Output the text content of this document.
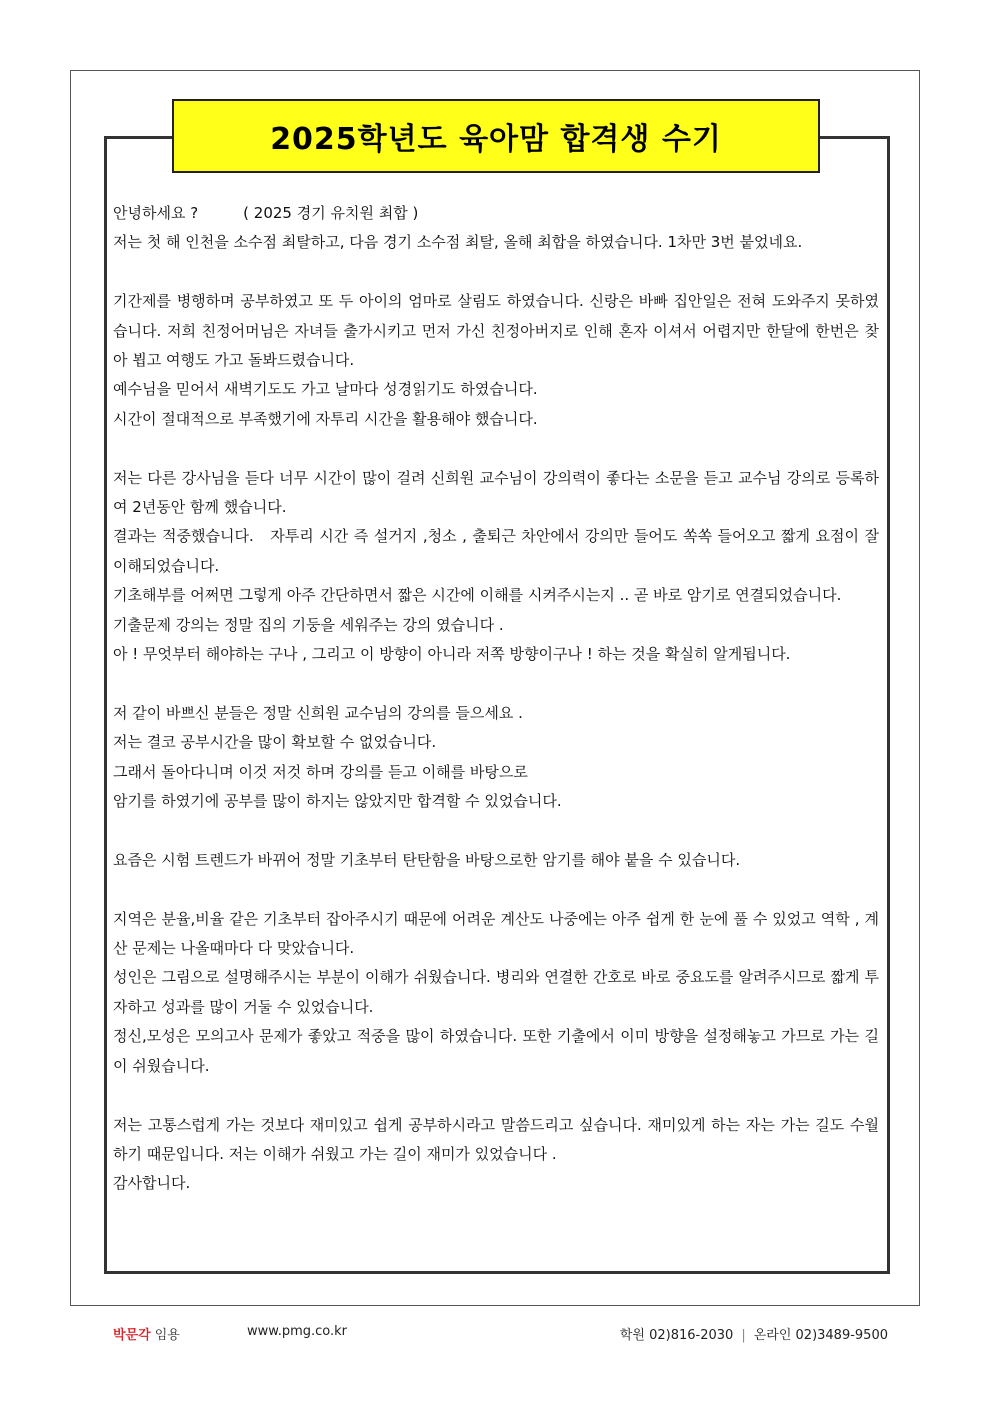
2025학년도 육아맘 합격생 수기

안녕하세요 ?　　　( 2025 경기 유치원 최합 )

저는 첫 해 인천을 소수점 최탈하고, 다음 경기 소수점 최탈, 올해 최합을 하였습니다. 1차만 3번 붙었네요.

기간제를 병행하며 공부하였고 또 두 아이의 엄마로 살림도 하였습니다. 신랑은 바빠 집안일은 전혀 도와주지 못하였습니다. 저희 친정어머님은 자녀들 출가시키고 먼저 가신 친정아버지로 인해 혼자 이셔서 어렵지만 한달에 한번은 찾아 뵙고 여행도 가고 돌봐드렸습니다.

예수님을 믿어서 새벽기도도 가고 날마다 성경읽기도 하였습니다.

시간이 절대적으로 부족했기에 자투리 시간을 활용해야 했습니다.

저는 다른 강사님을 듣다 너무 시간이 많이 걸려 신희원 교수님이 강의력이 좋다는 소문을 듣고 교수님 강의로 등록하여 2년동안 함께 했습니다.

결과는 적중했습니다.　자투리 시간 즉 설거지 ,청소 , 출퇴근 차안에서 강의만 들어도 쏙쏙 들어오고 짧게 요점이 잘 이해되었습니다.

기초해부를 어쩌면 그렇게 아주 간단하면서 짧은 시간에 이해를 시켜주시는지 .. 곧 바로 암기로 연결되었습니다.

기출문제 강의는 정말 집의 기둥을 세워주는 강의 였습니다 .

아 ! 무엇부터 해야하는 구나 , 그리고 이 방향이 아니라 저쪽 방향이구나 ! 하는 것을 확실히 알게됩니다.

저 같이 바쁘신 분들은 정말 신희원 교수님의 강의를 들으세요 .

저는 결코 공부시간을 많이 확보할 수 없었습니다.

그래서 돌아다니며 이것 저것 하며 강의를 듣고 이해를 바탕으로

암기를 하였기에 공부를 많이 하지는 않았지만 합격할 수 있었습니다.

요즘은 시험 트렌드가 바뀌어 정말 기초부터 탄탄함을 바탕으로한 암기를 해야 붙을 수 있습니다.

지역은 분율,비율 같은 기초부터 잡아주시기 때문에 어려운 계산도 나중에는 아주 쉽게 한 눈에 풀 수 있었고 역학 , 계산 문제는 나올때마다 다 맞았습니다.

성인은 그림으로 설명해주시는 부분이 이해가 쉬웠습니다. 병리와 연결한 간호로 바로 중요도를 알려주시므로 짧게 투자하고 성과를 많이 거둘 수 있었습니다.

정신,모성은 모의고사 문제가 좋았고 적중을 많이 하였습니다. 또한 기출에서 이미 방향을 설정해놓고 가므로 가는 길이 쉬웠습니다.

저는 고통스럽게 가는 것보다 재미있고 쉽게 공부하시라고 말씀드리고 싶습니다. 재미있게 하는 자는 가는 길도 수월하기 때문입니다. 저는 이해가 쉬웠고 가는 길이 재미가 있었습니다 .

감사합니다.

박문각 임용	www.pmg.co.kr	학원 02)816-2030 | 온라인 02)3489-9500
